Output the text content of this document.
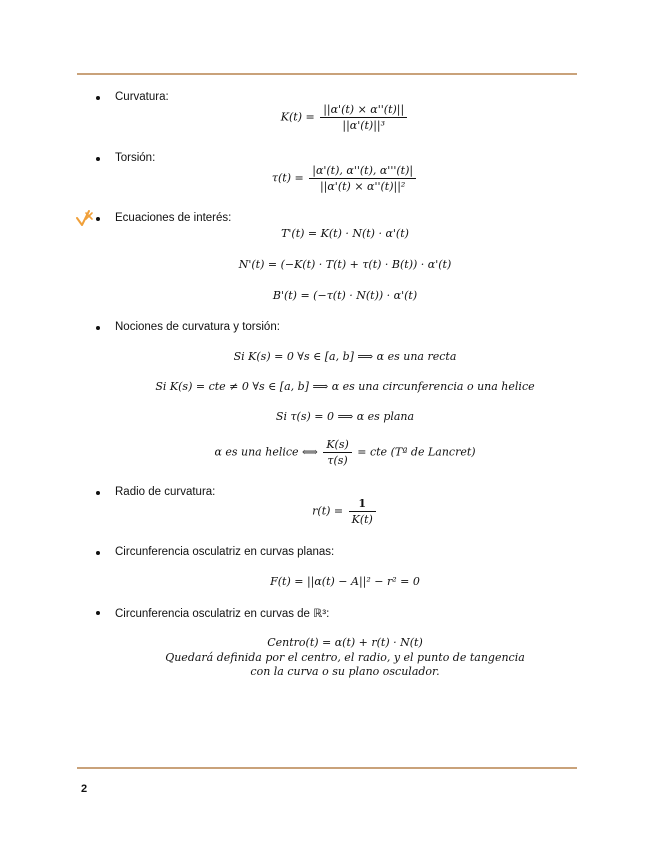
Curvatura:
$K(t) = \frac{||\alpha'(t) \times \alpha''(t)||}{\text{||α'(t)||³}}$
Torsión:
$\tau(t) = \frac{|\alpha'(t), \alpha''(t), \alpha'''(t)|}{\text{||α'(t) × α''(t)||²}}$
Ecuaciones de interés:
T'(t) = K(t) · N(t) · α'(t)
N'(t) = (−K(t) · T(t) + τ(t) · B(t)) · α'(t)
B'(t) = (−τ(t) · N(t)) · α'(t)
Nociones de curvatura y torsión:
Si K(s) = 0 ∀s ∈ [a, b] ⟹ α es una recta
Si K(s) = cte ≠ 0 ∀s ∈ [a, b] ⟹ α es una circunferencia o una helice
Si τ(s) = 0 ⟹ α es plana
α es una helice ⟺ $\frac{K(s)}{\tau(s)}$ = cte (Tª de Lancret)
Radio de curvatura:
$r(t) = \frac{1}{K(t)}$
Circunferencia osculatriz en curvas planas:
F(t) = ||α(t) − A||² − r² = 0
Circunferencia osculatriz en curvas de ℝ³:
Centro(t) = α(t) + r(t) · N(t)
Quedará definida por el centro, el radio, y el punto de tangencia
con la curva o su plano osculador.
2
